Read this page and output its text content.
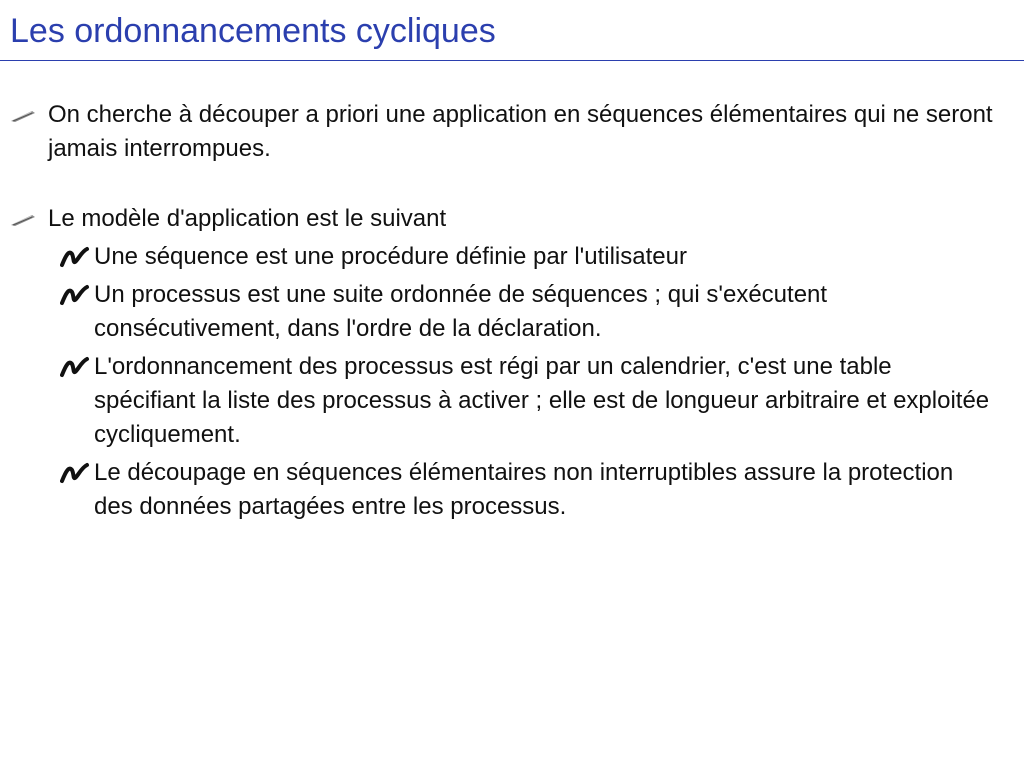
Les ordonnancements cycliques
On cherche à découper a priori une application en séquences élémentaires qui ne seront jamais interrompues.
Le modèle d'application est le suivant
Une séquence est une procédure définie par l'utilisateur
Un processus est une suite ordonnée de séquences ; qui s'exécutent consécutivement, dans l'ordre de la déclaration.
L'ordonnancement des processus est régi par un calendrier, c'est une table spécifiant la liste des processus à activer ; elle est de longueur arbitraire et exploitée cycliquement.
Le découpage en séquences élémentaires non interruptibles assure la protection des données partagées entre les processus.
